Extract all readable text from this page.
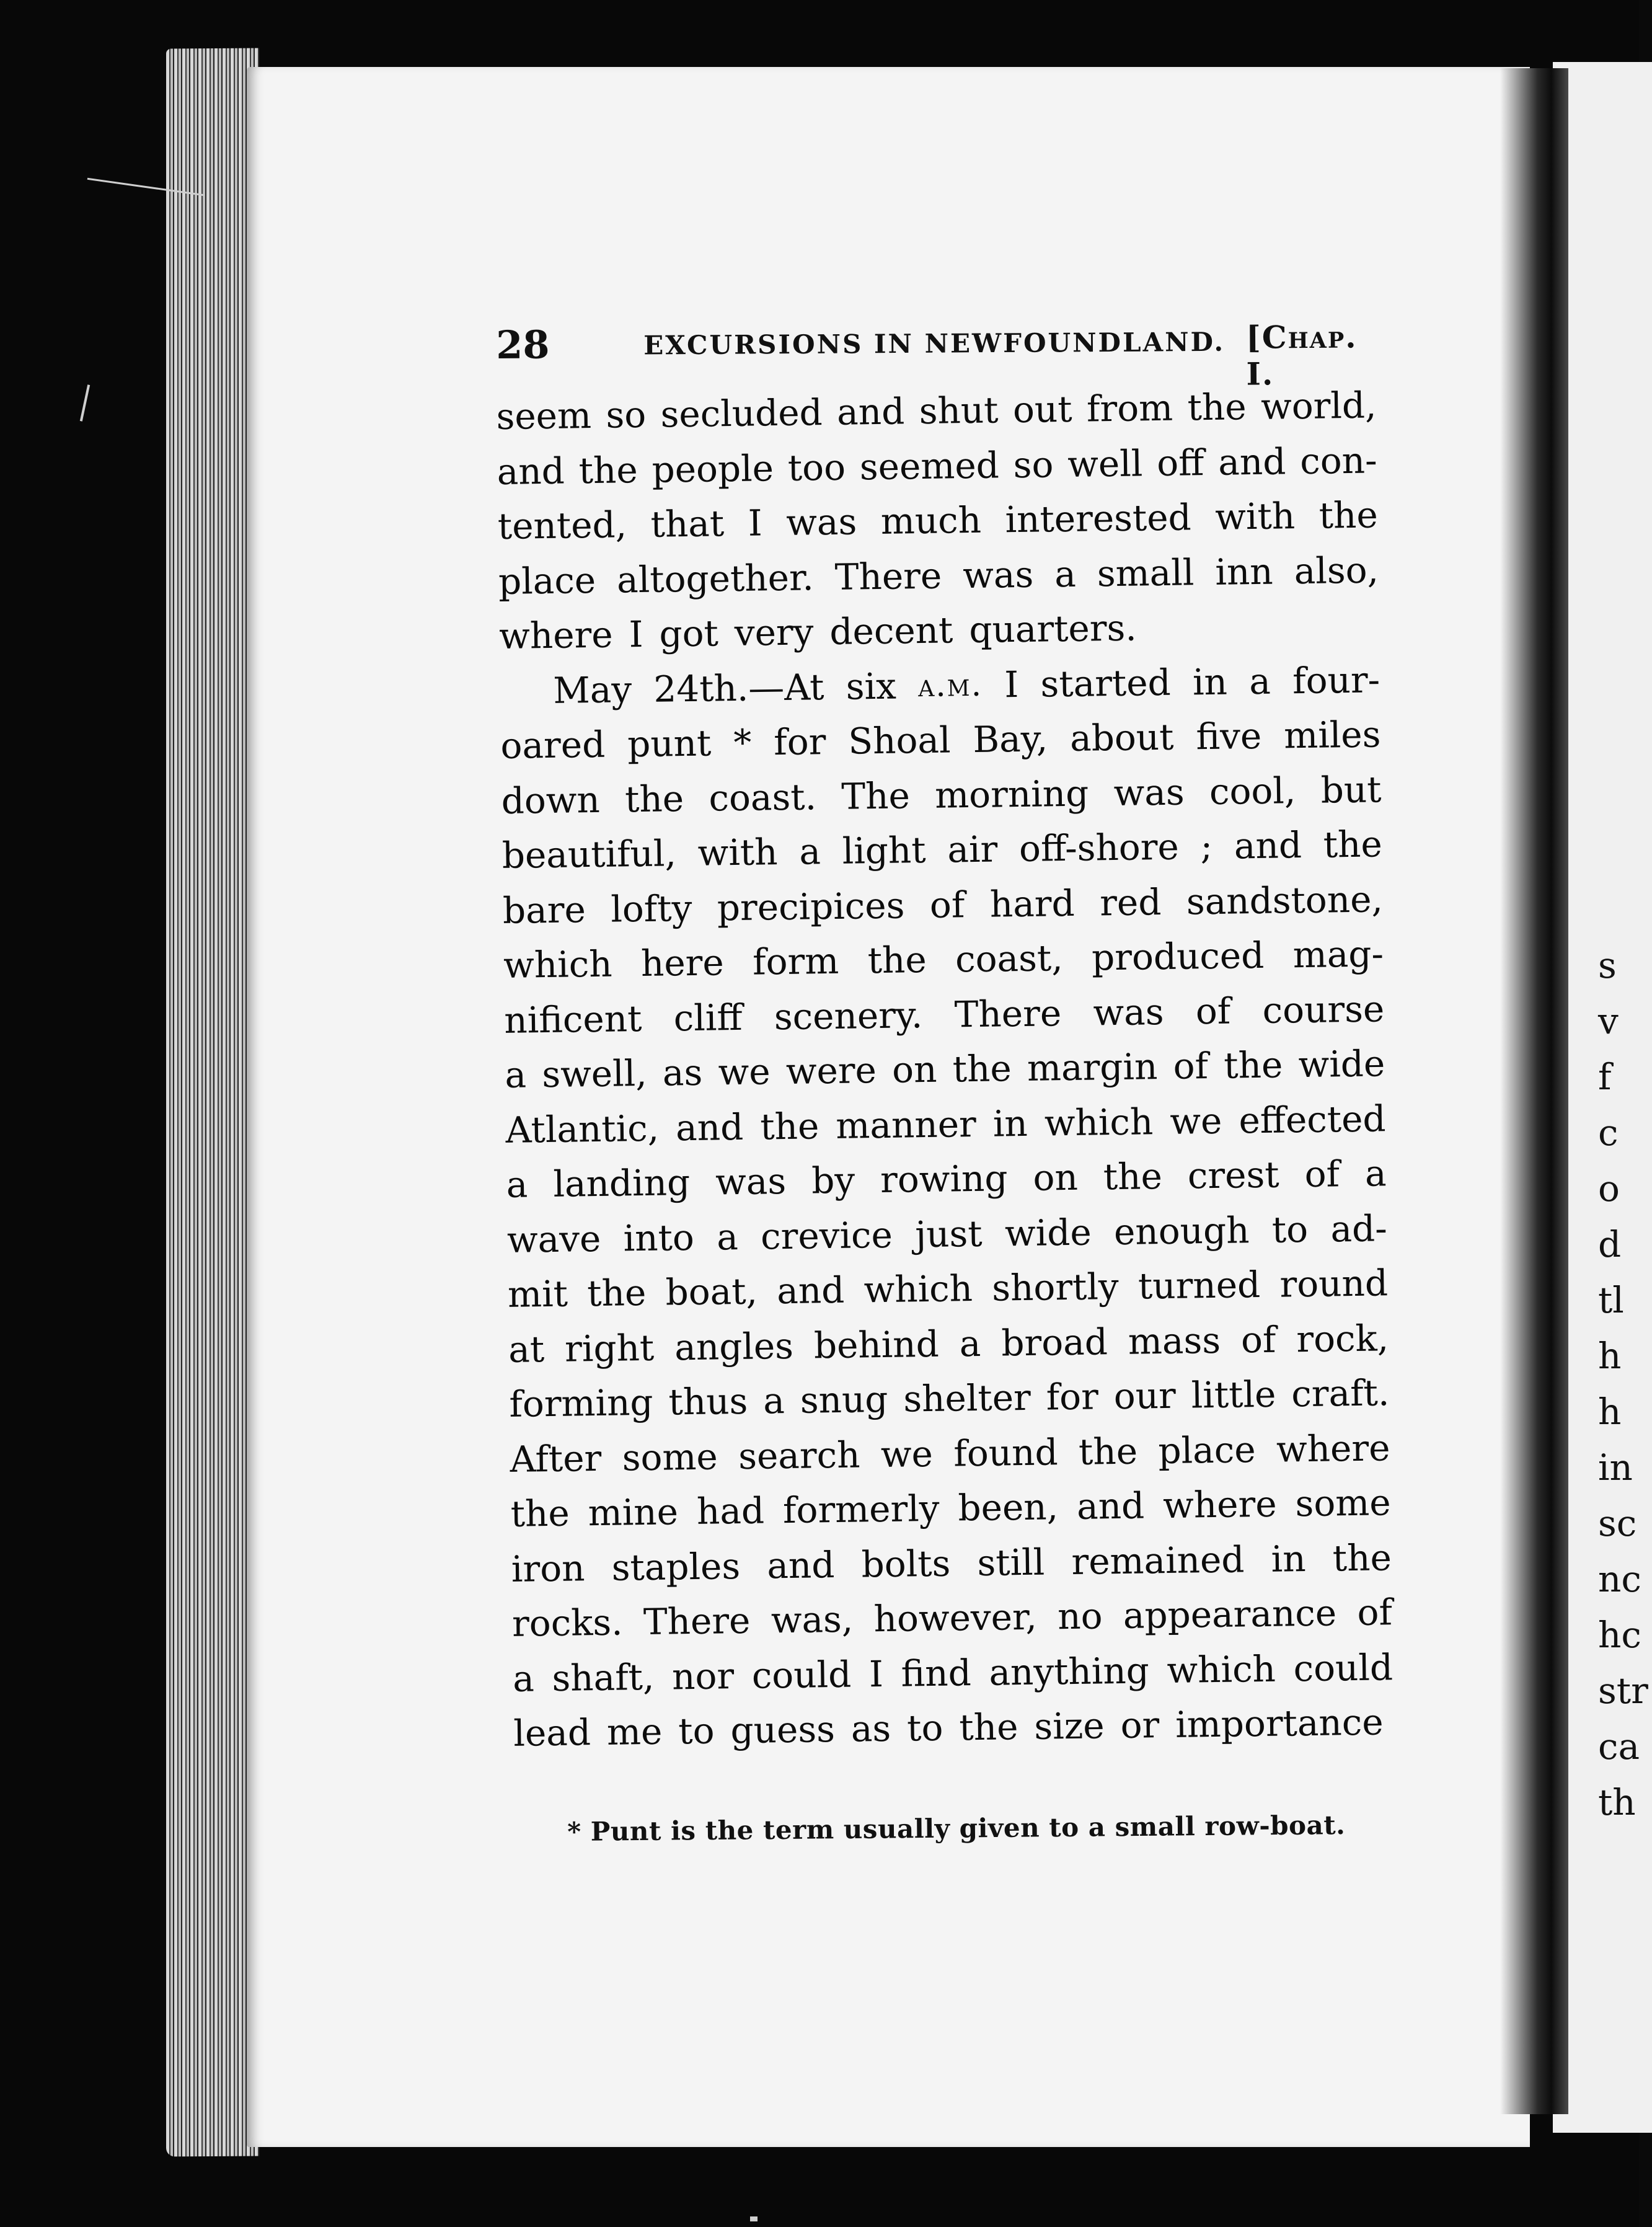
s
v
f
c
o
d
tl
h
h
in
sc
nc
hc
str
ca
th
28	EXCURSIONS IN NEWFOUNDLAND. [Chap. I.
seem so secluded and shut out from the world,
and the people too seemed so well off and con-
tented, that I was much interested with the
place altogether. There was a small inn also,
where I got very decent quarters.
May 24th.—At six a.m. I started in a four-
oared punt * for Shoal Bay, about five miles
down the coast. The morning was cool, but
beautiful, with a light air off-shore ; and the
bare lofty precipices of hard red sandstone,
which here form the coast, produced mag-
nificent cliff scenery. There was of course
a swell, as we were on the margin of the wide
Atlantic, and the manner in which we effected
a landing was by rowing on the crest of a
wave into a crevice just wide enough to ad-
mit the boat, and which shortly turned round
at right angles behind a broad mass of rock,
forming thus a snug shelter for our little craft.
After some search we found the place where
the mine had formerly been, and where some
iron staples and bolts still remained in the
rocks. There was, however, no appearance of
a shaft, nor could I find anything which could
lead me to guess as to the size or importance
* Punt is the term usually given to a small row-boat.
